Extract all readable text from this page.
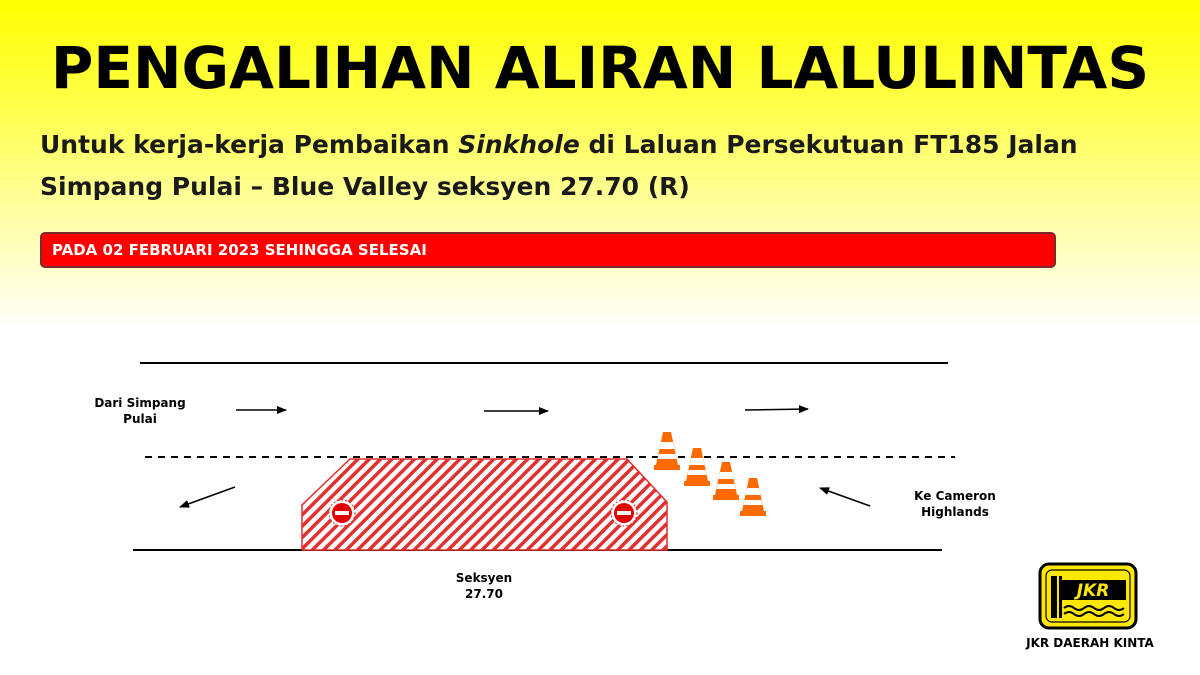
PENGALIHAN ALIRAN LALULINTAS
Untuk kerja-kerja Pembaikan Sinkhole di Laluan Persekutuan FT185 Jalan Simpang Pulai – Blue Valley seksyen 27.70 (R)
PADA 02 FEBRUARI 2023 SEHINGGA SELESAI
JKR
Dari Simpang
Pulai
Ke Cameron
Highlands
Seksyen
27.70
JKR DAERAH KINTA
